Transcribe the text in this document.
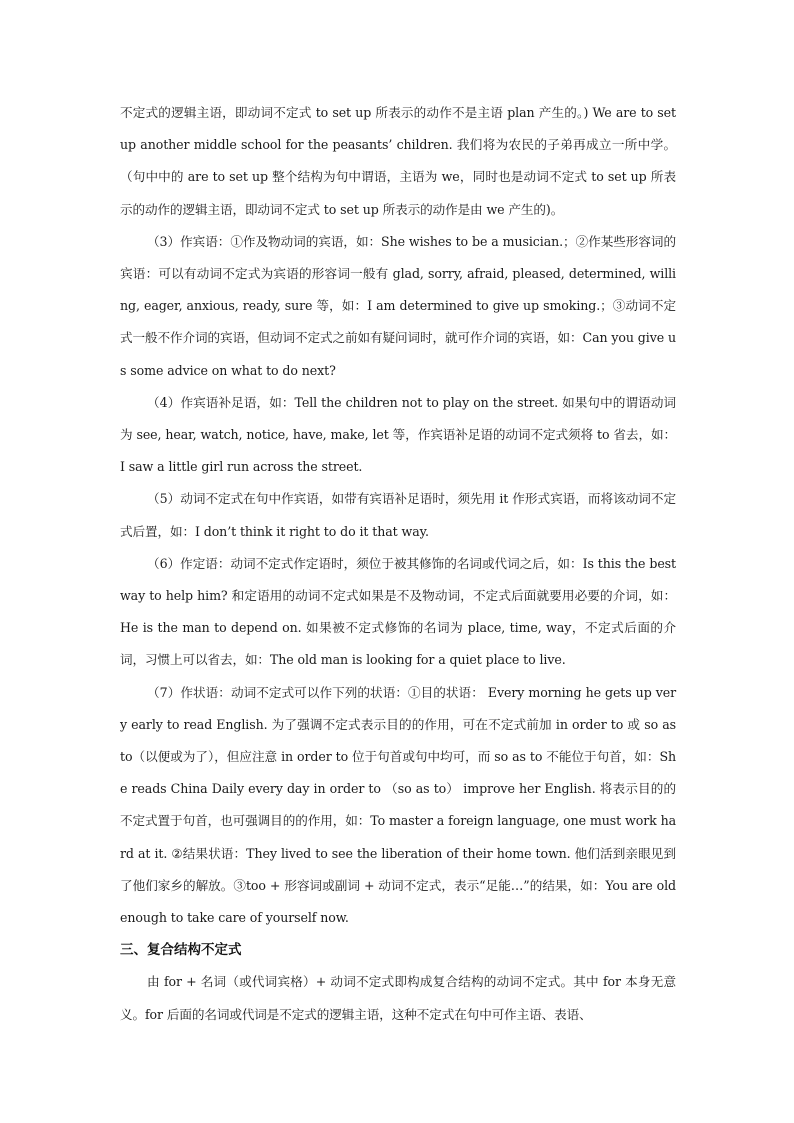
不定式的逻辑主语，即动词不定式 to set up 所表示的动作不是主语 plan 产生的。) We are to set up another middle school for the peasants’ children. 我们将为农民的子弟再成立一所中学。（句中中的 are to set up 整个结构为句中谓语，主语为 we，同时也是动词不定式 to set up 所表示的动作的逻辑主语，即动词不定式 to set up 所表示的动作是由 we 产生的)。

（3）作宾语：①作及物动词的宾语，如：She wishes to be a musician.；②作某些形容词的宾语：可以有动词不定式为宾语的形容词一般有 glad, sorry, afraid, pleased, determined, willing, eager, anxious, ready, sure 等，如：I am determined to give up smoking.；③动词不定式一般不作介词的宾语，但动词不定式之前如有疑问词时，就可作介词的宾语，如：Can you give us some advice on what to do next?

（4）作宾语补足语，如：Tell the children not to play on the street. 如果句中的谓语动词为 see, hear, watch, notice, have, make, let 等，作宾语补足语的动词不定式须将 to 省去，如：I saw a little girl run across the street.

（5）动词不定式在句中作宾语，如带有宾语补足语时，须先用 it 作形式宾语，而将该动词不定式后置，如：I don’t think it right to do it that way.

（6）作定语：动词不定式作定语时，须位于被其修饰的名词或代词之后，如：Is this the best way to help him? 和定语用的动词不定式如果是不及物动词，不定式后面就要用必要的介词，如：He is the man to depend on. 如果被不定式修饰的名词为 place, time, way，不定式后面的介词，习惯上可以省去，如：The old man is looking for a quiet place to live.

（7）作状语：动词不定式可以作下列的状语：①目的状语： Every morning he gets up very early to read English. 为了强调不定式表示目的的作用，可在不定式前加 in order to 或 so as to（以便或为了），但应注意 in order to 位于句首或句中均可，而 so as to 不能位于句首，如：She reads China Daily every day in order to （so as to） improve her English. 将表示目的的不定式置于句首，也可强调目的的作用，如：To master a foreign language, one must work hard at it. ②结果状语：They lived to see the liberation of their home town. 他们活到亲眼见到了他们家乡的解放。③too + 形容词或副词 + 动词不定式，表示“足能…”的结果，如：You are old enough to take care of yourself now.

三、复合结构不定式

由 for + 名词（或代词宾格）+ 动词不定式即构成复合结构的动词不定式。其中 for 本身无意义。for 后面的名词或代词是不定式的逻辑主语，这种不定式在句中可作主语、表语、
